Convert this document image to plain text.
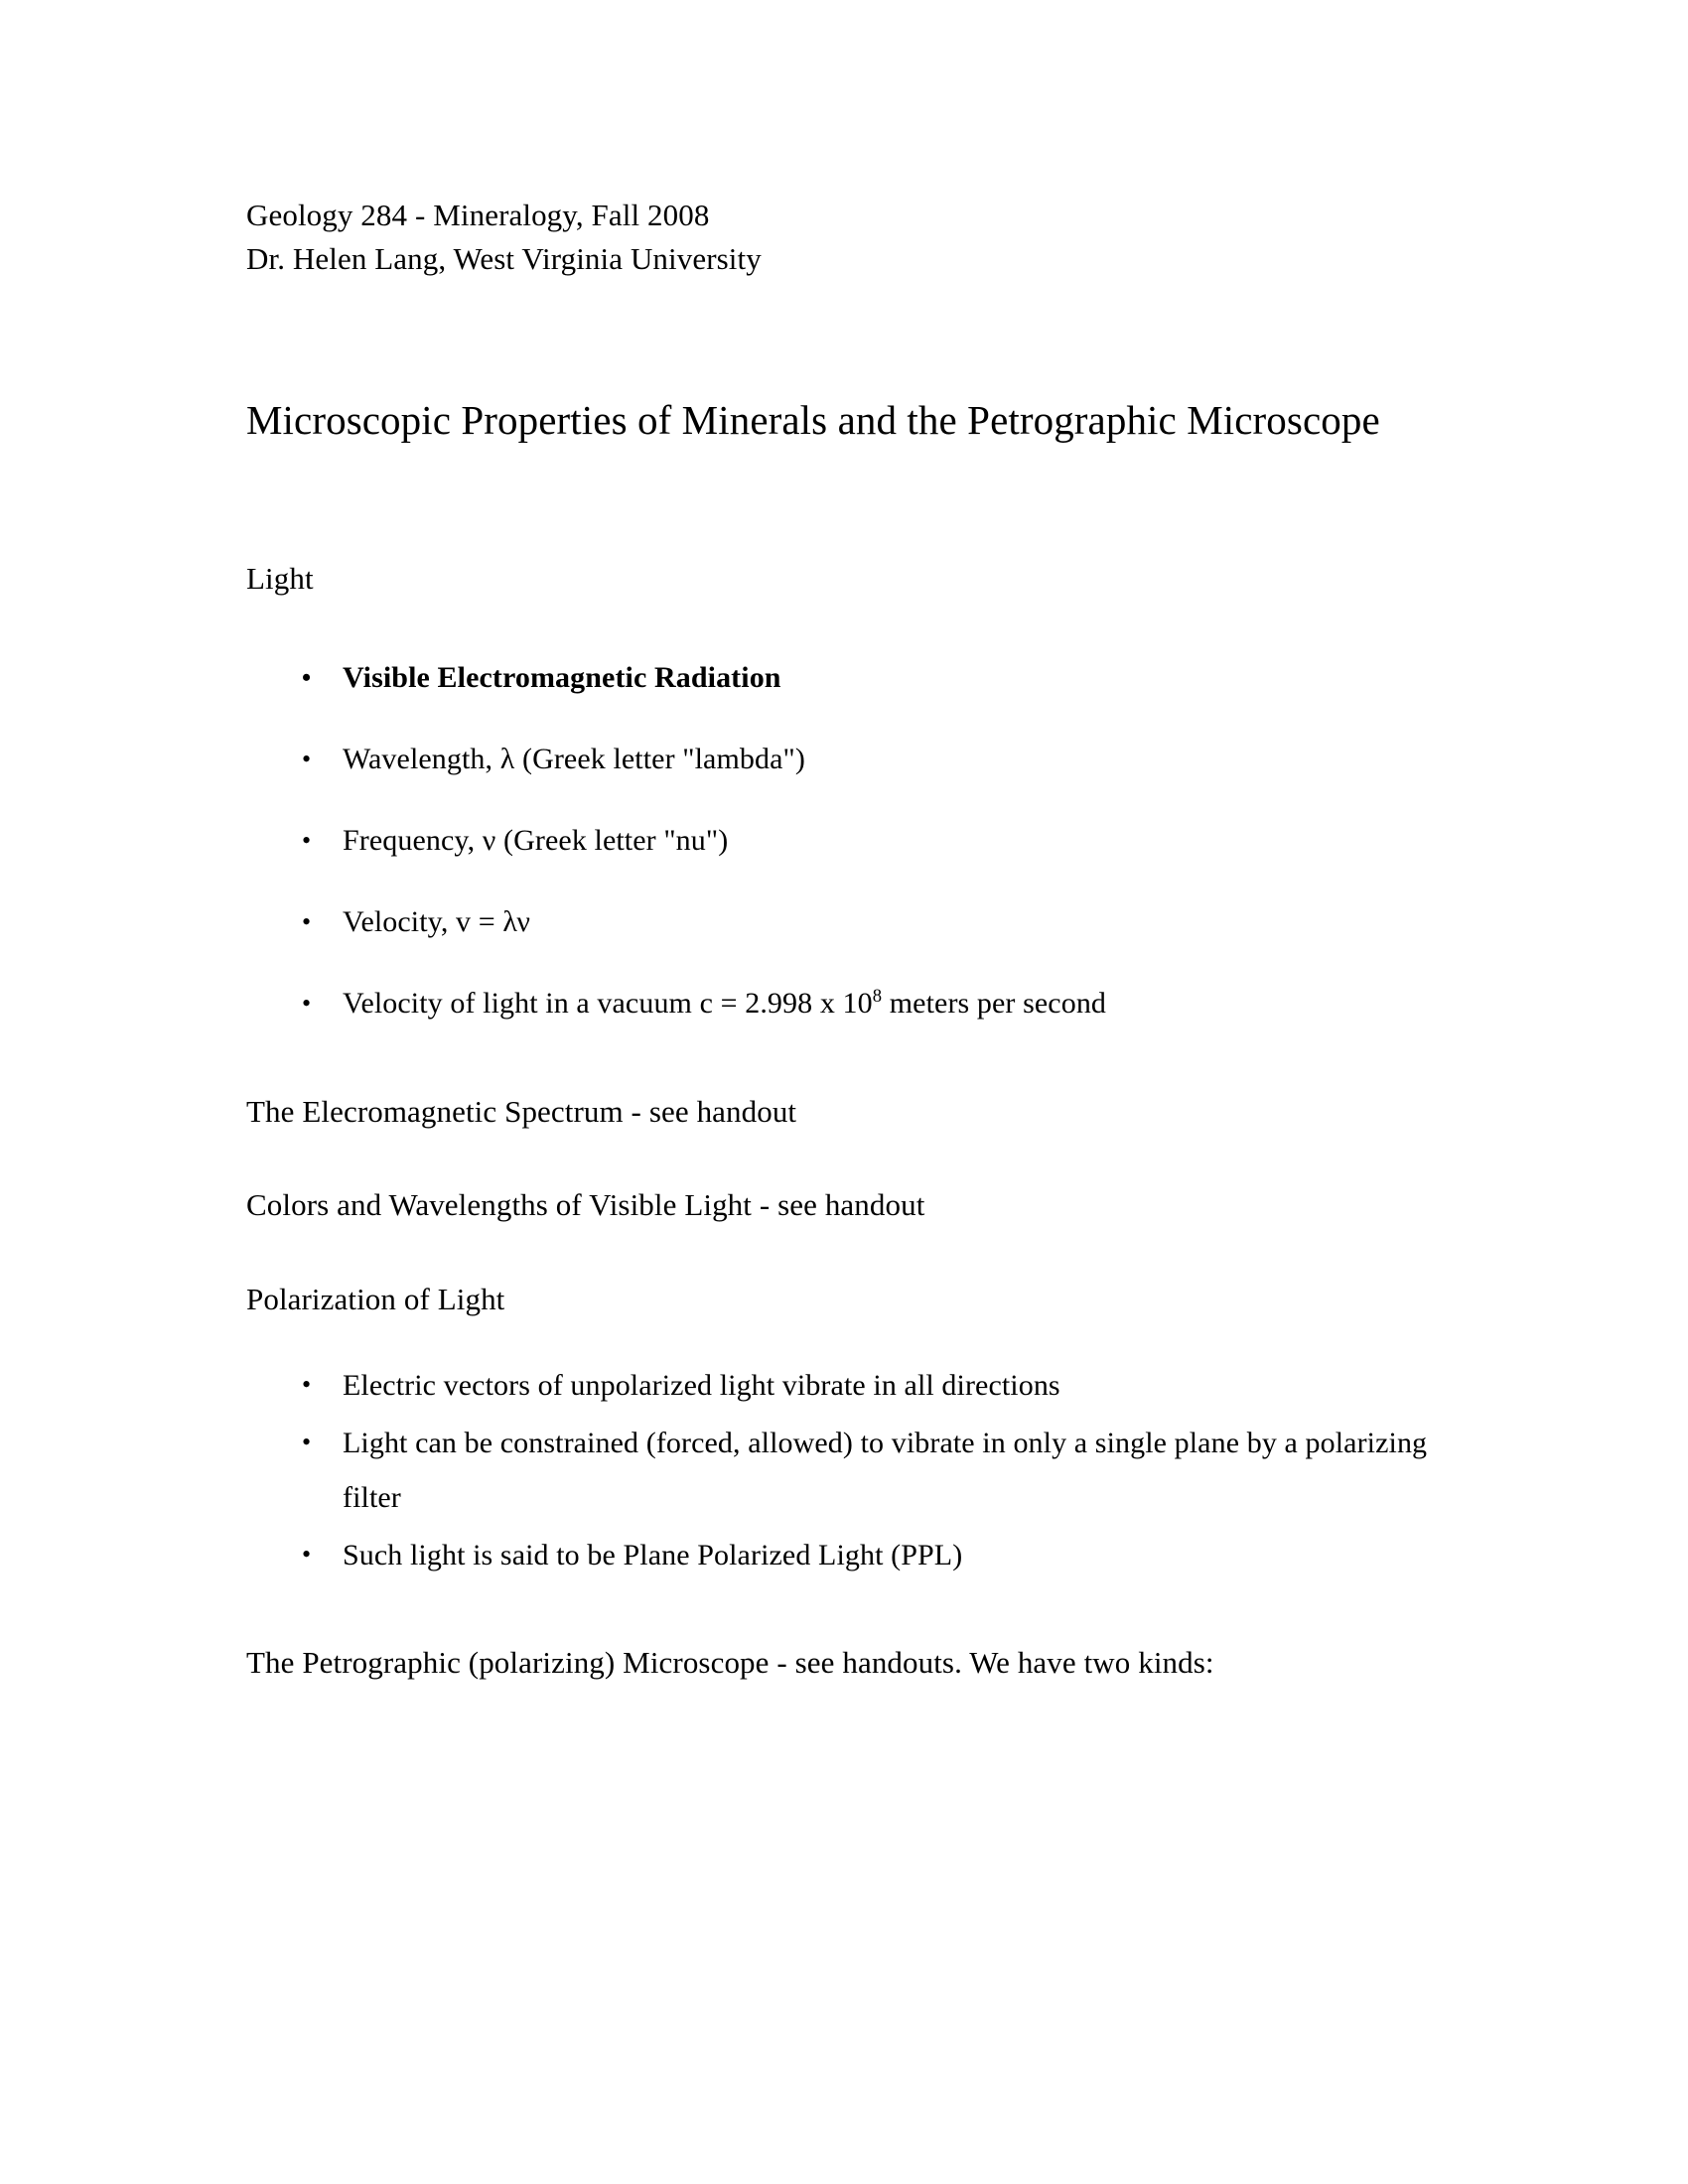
Geology 284 - Mineralogy, Fall 2008
Dr. Helen Lang, West Virginia University
Microscopic Properties of Minerals and the Petrographic Microscope

Light

• Visible Electromagnetic Radiation
• Wavelength, λ (Greek letter "lambda")
• Frequency, ν (Greek letter "nu")
• Velocity, v = λν
• Velocity of light in a vacuum c = 2.998 x $10^8$ meters per second

The Elecromagnetic Spectrum - see handout

Colors and Wavelengths of Visible Light - see handout

Polarization of Light

• Electric vectors of unpolarized light vibrate in all directions
• Light can be constrained (forced, allowed) to vibrate in only a single plane by a polarizing filter
• Such light is said to be Plane Polarized Light (PPL)

The Petrographic (polarizing) Microscope - see handouts. We have two kinds:
